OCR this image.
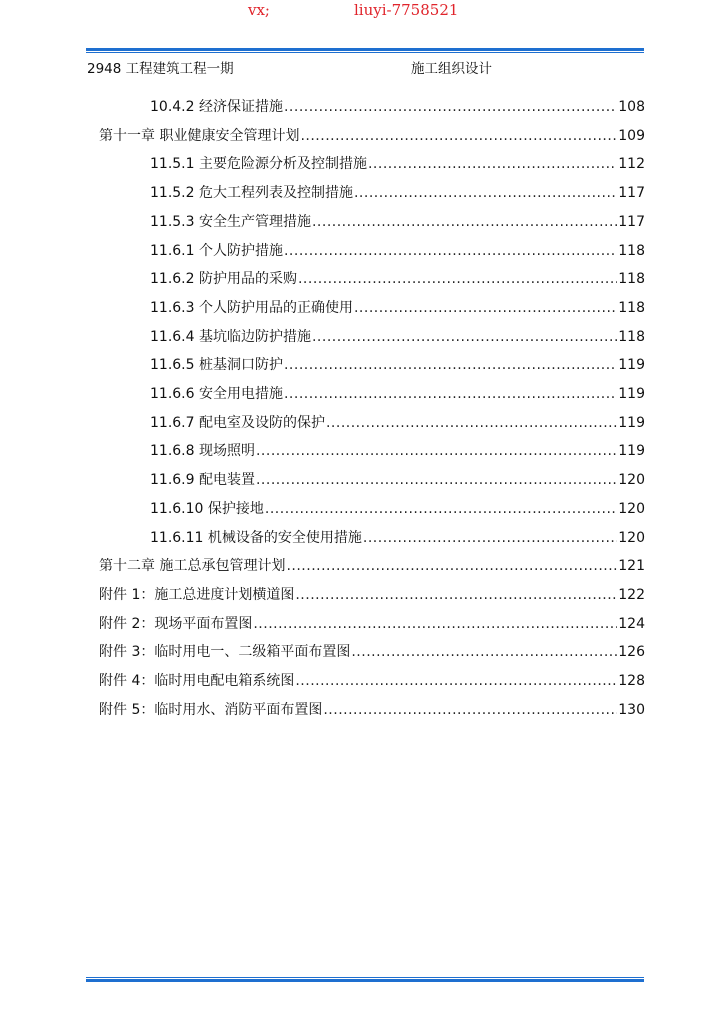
vx;	liuyi-7758521
2948 工程建筑工程一期	施工组织设计
10.4.2 经济保证措施 .....	108
第十一章 职业健康安全管理计划 .....	109
11.5.1 主要危险源分析及控制措施 .....	112
11.5.2 危大工程列表及控制措施 .....	117
11.5.3 安全生产管理措施 .....	117
11.6.1 个人防护措施 .....	118
11.6.2 防护用品的采购 .....	118
11.6.3 个人防护用品的正确使用 .....	118
11.6.4 基坑临边防护措施 .....	118
11.6.5 桩基洞口防护 .....	119
11.6.6 安全用电措施 .....	119
11.6.7 配电室及设防的保护 .....	119
11.6.8 现场照明 .....	119
11.6.9 配电装置 .....	120
11.6.10 保护接地 .....	120
11.6.11 机械设备的安全使用措施 .....	120
第十二章 施工总承包管理计划 .....	121
附件 1：施工总进度计划横道图 .....	122
附件 2：现场平面布置图 .....	124
附件 3：临时用电一、二级箱平面布置图 .....	126
附件 4：临时用电配电箱系统图 .....	128
附件 5：临时用水、消防平面布置图 .....	130
